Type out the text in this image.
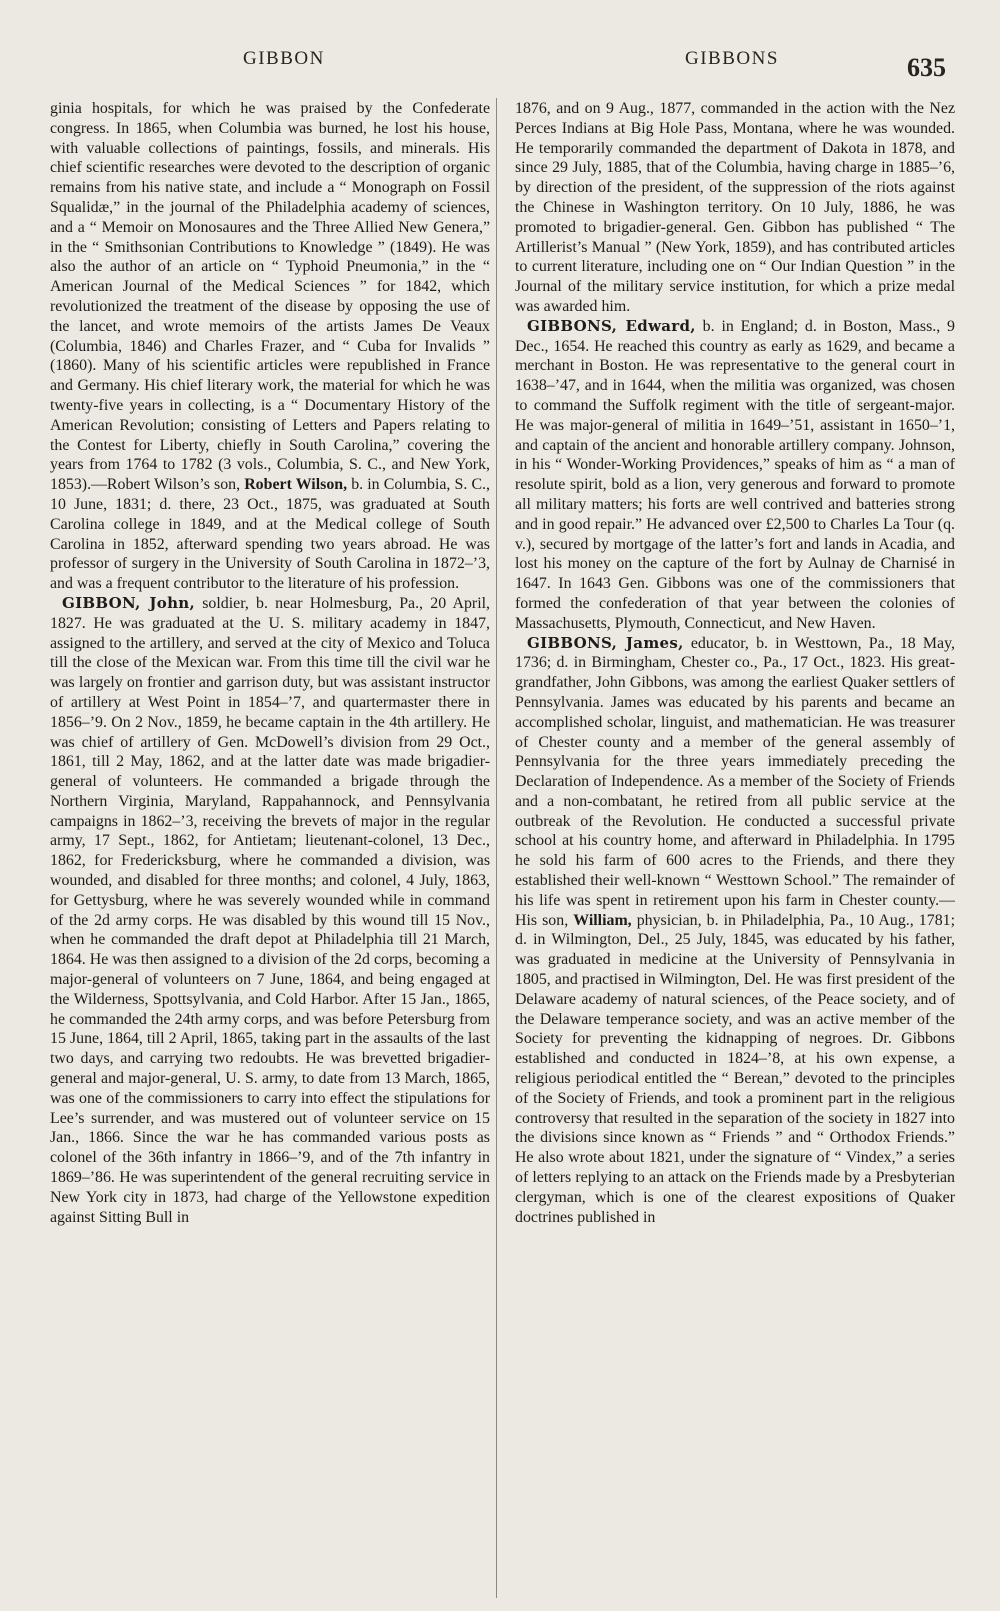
GIBBON	GIBBONS	635

ginia hospitals, for which he was praised by the Confederate congress. In 1865, when Columbia was burned, he lost his house, with valuable collections of paintings, fossils, and minerals. His chief scientific researches were devoted to the description of organic remains from his native state, and include a “ Monograph on Fossil Squalidæ,” in the journal of the Philadelphia academy of sciences, and a “ Memoir on Monosaures and the Three Allied New Genera,” in the “ Smithsonian Contributions to Knowledge ” (1849). He was also the author of an article on “ Typhoid Pneumonia,” in the “ American Journal of the Medical Sciences ” for 1842, which revolutionized the treatment of the disease by opposing the use of the lancet, and wrote memoirs of the artists James De Veaux (Columbia, 1846) and Charles Frazer, and “ Cuba for Invalids ” (1860). Many of his scientific articles were republished in France and Germany. His chief literary work, the material for which he was twenty-five years in collecting, is a “ Documentary History of the American Revolution; consisting of Letters and Papers relating to the Contest for Liberty, chiefly in South Carolina,” covering the years from 1764 to 1782 (3 vols., Columbia, S. C., and New York, 1853).—Robert Wilson’s son, Robert Wilson, b. in Columbia, S. C., 10 June, 1831; d. there, 23 Oct., 1875, was graduated at South Carolina college in 1849, and at the Medical college of South Carolina in 1852, afterward spending two years abroad. He was professor of surgery in the University of South Carolina in 1872–’3, and was a frequent contributor to the literature of his profession.

GIBBON, John, soldier, b. near Holmesburg, Pa., 20 April, 1827. He was graduated at the U. S. military academy in 1847, assigned to the artillery, and served at the city of Mexico and Toluca till the close of the Mexican war. From this time till the civil war he was largely on frontier and garrison duty, but was assistant instructor of artillery at West Point in 1854–’7, and quartermaster there in 1856–’9. On 2 Nov., 1859, he became captain in the 4th artillery. He was chief of artillery of Gen. McDowell’s division from 29 Oct., 1861, till 2 May, 1862, and at the latter date was made brigadier-general of volunteers. He commanded a brigade through the Northern Virginia, Maryland, Rappahannock, and Pennsylvania campaigns in 1862–’3, receiving the brevets of major in the regular army, 17 Sept., 1862, for Antietam; lieutenant-colonel, 13 Dec., 1862, for Fredericksburg, where he commanded a division, was wounded, and disabled for three months; and colonel, 4 July, 1863, for Gettysburg, where he was severely wounded while in command of the 2d army corps. He was disabled by this wound till 15 Nov., when he commanded the draft depot at Philadelphia till 21 March, 1864. He was then assigned to a division of the 2d corps, becoming a major-general of volunteers on 7 June, 1864, and being engaged at the Wilderness, Spottsylvania, and Cold Harbor. After 15 Jan., 1865, he commanded the 24th army corps, and was before Petersburg from 15 June, 1864, till 2 April, 1865, taking part in the assaults of the last two days, and carrying two redoubts. He was brevetted brigadier-general and major-general, U. S. army, to date from 13 March, 1865, was one of the commissioners to carry into effect the stipulations for Lee’s surrender, and was mustered out of volunteer service on 15 Jan., 1866. Since the war he has commanded various posts as colonel of the 36th infantry in 1866–’9, and of the 7th infantry in 1869–’86. He was superintendent of the general recruiting service in New York city in 1873, had charge of the Yellowstone expedition against Sitting Bull in

1876, and on 9 Aug., 1877, commanded in the action with the Nez Perces Indians at Big Hole Pass, Montana, where he was wounded. He temporarily commanded the department of Dakota in 1878, and since 29 July, 1885, that of the Columbia, having charge in 1885–’6, by direction of the president, of the suppression of the riots against the Chinese in Washington territory. On 10 July, 1886, he was promoted to brigadier-general. Gen. Gibbon has published “ The Artillerist’s Manual ” (New York, 1859), and has contributed articles to current literature, including one on “ Our Indian Question ” in the Journal of the military service institution, for which a prize medal was awarded him.

GIBBONS, Edward, b. in England; d. in Boston, Mass., 9 Dec., 1654. He reached this country as early as 1629, and became a merchant in Boston. He was representative to the general court in 1638–’47, and in 1644, when the militia was organized, was chosen to command the Suffolk regiment with the title of sergeant-major. He was major-general of militia in 1649–’51, assistant in 1650–’1, and captain of the ancient and honorable artillery company. Johnson, in his “ Wonder-Working Providences,” speaks of him as “ a man of resolute spirit, bold as a lion, very generous and forward to promote all military matters; his forts are well contrived and batteries strong and in good repair.” He advanced over £2,500 to Charles La Tour (q. v.), secured by mortgage of the latter’s fort and lands in Acadia, and lost his money on the capture of the fort by Aulnay de Charnisé in 1647. In 1643 Gen. Gibbons was one of the commissioners that formed the confederation of that year between the colonies of Massachusetts, Plymouth, Connecticut, and New Haven.

GIBBONS, James, educator, b. in Westtown, Pa., 18 May, 1736; d. in Birmingham, Chester co., Pa., 17 Oct., 1823. His great-grandfather, John Gibbons, was among the earliest Quaker settlers of Pennsylvania. James was educated by his parents and became an accomplished scholar, linguist, and mathematician. He was treasurer of Chester county and a member of the general assembly of Pennsylvania for the three years immediately preceding the Declaration of Independence. As a member of the Society of Friends and a non-combatant, he retired from all public service at the outbreak of the Revolution. He conducted a successful private school at his country home, and afterward in Philadelphia. In 1795 he sold his farm of 600 acres to the Friends, and there they established their well-known “ Westtown School.” The remainder of his life was spent in retirement upon his farm in Chester county.—His son, William, physician, b. in Philadelphia, Pa., 10 Aug., 1781; d. in Wilmington, Del., 25 July, 1845, was educated by his father, was graduated in medicine at the University of Pennsylvania in 1805, and practised in Wilmington, Del. He was first president of the Delaware academy of natural sciences, of the Peace society, and of the Delaware temperance society, and was an active member of the Society for preventing the kidnapping of negroes. Dr. Gibbons established and conducted in 1824–’8, at his own expense, a religious periodical entitled the “ Berean,” devoted to the principles of the Society of Friends, and took a prominent part in the religious controversy that resulted in the separation of the society in 1827 into the divisions since known as “ Friends ” and “ Orthodox Friends.” He also wrote about 1821, under the signature of “ Vindex,” a series of letters replying to an attack on the Friends made by a Presbyterian clergyman, which is one of the clearest expositions of Quaker doctrines published in
